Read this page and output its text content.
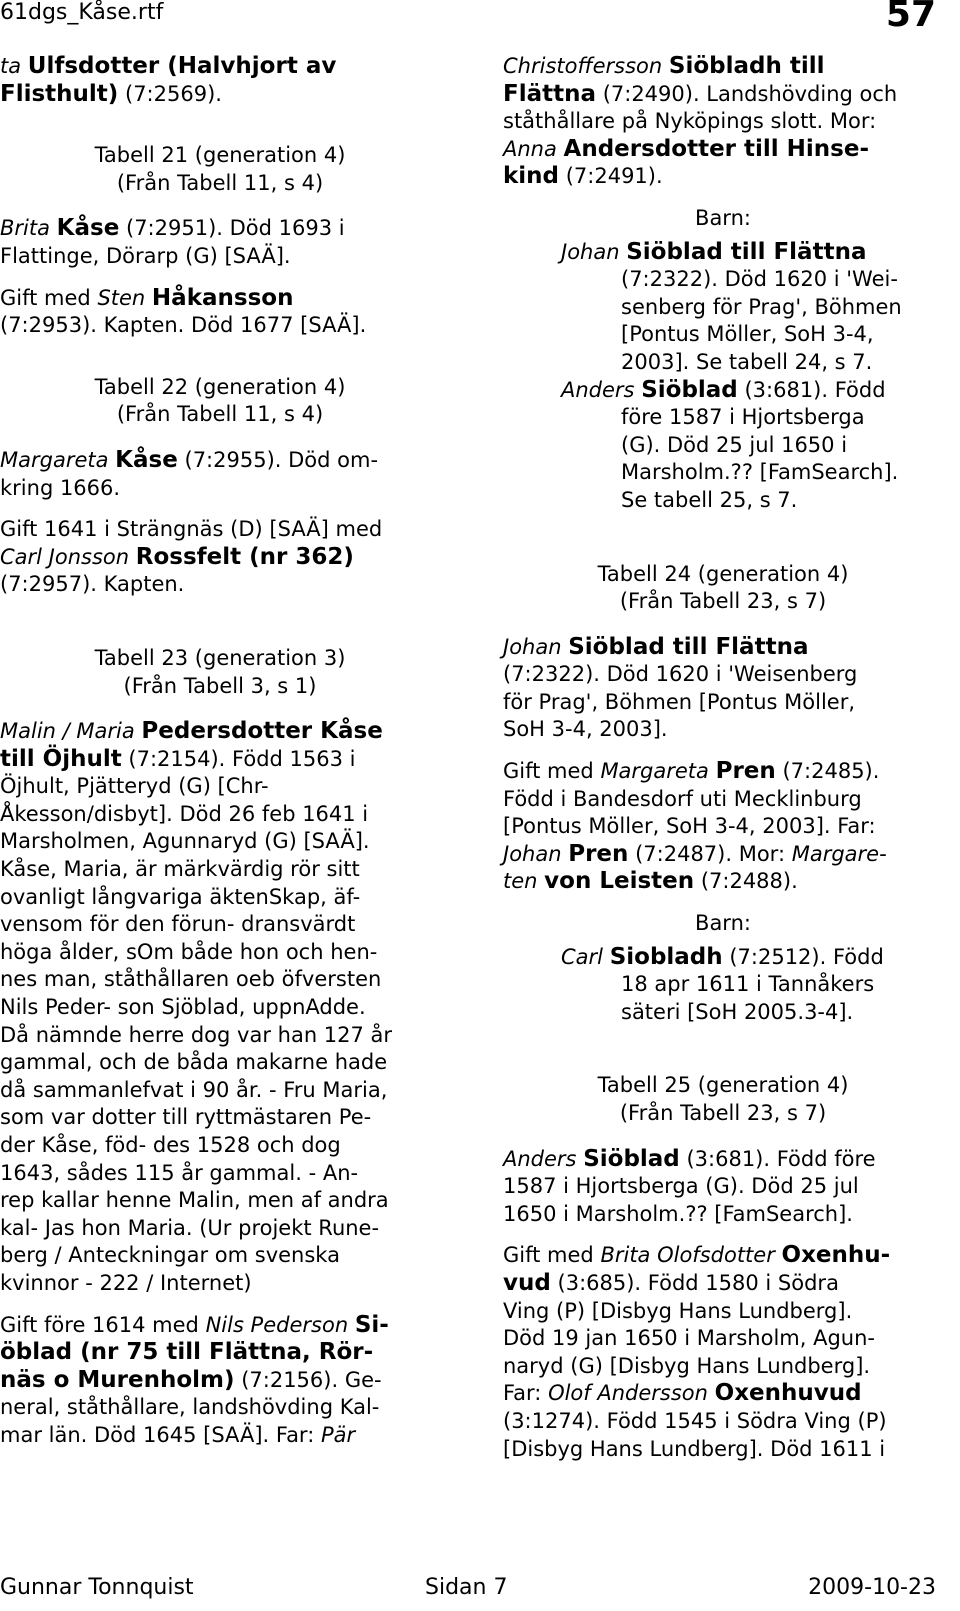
61dgs_Kåse.rtf	57

ta Ulfsdotter (Halvhjort av

Flisthult) (7:2569).

Tabell 21 (generation 4)

(Från Tabell 11, s 4)

Brita Kåse (7:2951). Död 1693 i

Flattinge, Dörarp (G) [SAÄ].

Gift med Sten Håkansson

(7:2953). Kapten. Död 1677 [SAÄ].

Tabell 22 (generation 4)

(Från Tabell 11, s 4)

Margareta Kåse (7:2955). Död om-

kring 1666.

Gift 1641 i Strängnäs (D) [SAÄ] med

Carl Jonsson Rossfelt (nr 362)

(7:2957). Kapten.

Tabell 23 (generation 3)

(Från Tabell 3, s 1)

Malin / Maria Pedersdotter Kåse

till Öjhult (7:2154). Född 1563 i

Öjhult, Pjätteryd (G) [Chr-

Åkesson/disbyt]. Död 26 feb 1641 i

Marsholmen, Agunnaryd (G) [SAÄ].

Kåse, Maria, är märkvärdig rör sitt

ovanligt långvariga äktenSkap, äf-

vensom för den förun- dransvärdt

höga ålder, sOm både hon och hen-

nes man, ståthållaren oeb öfversten

Nils Peder- son Sjöblad, uppnAdde.

Då nämnde herre dog var han 127 år

gammal, och de båda makarne hade

då sammanlefvat i 90 år. - Fru Maria,

som var dotter till ryttmästaren Pe-

der Kåse, föd- des 1528 och dog

1643, sådes 115 år gammal. - An-

rep kallar henne Malin, men af andra

kal- Jas hon Maria. (Ur projekt Rune-

berg / Anteckningar om svenska

kvinnor - 222 / Internet)

Gift före 1614 med Nils Pederson Si-

öblad (nr 75 till Flättna, Rör-

näs o Murenholm) (7:2156). Ge-

neral, ståthållare, landshövding Kal-

mar län. Död 1645 [SAÄ]. Far: Pär

Christoffersson Siöbladh till

Flättna (7:2490). Landshövding och

ståthållare på Nyköpings slott. Mor:

Anna Andersdotter till Hinse-

kind (7:2491).

Barn:

Johan Siöblad till Flättna

(7:2322). Död 1620 i 'Wei-

senberg för Prag', Böhmen

[Pontus Möller, SoH 3-4,

2003]. Se tabell 24, s 7.

Anders Siöblad (3:681). Född

före 1587 i Hjortsberga

(G). Död 25 jul 1650 i

Marsholm.?? [FamSearch].

Se tabell 25, s 7.

Tabell 24 (generation 4)

(Från Tabell 23, s 7)

Johan Siöblad till Flättna

(7:2322). Död 1620 i 'Weisenberg

för Prag', Böhmen [Pontus Möller,

SoH 3-4, 2003].

Gift med Margareta Pren (7:2485).

Född i Bandesdorf uti Mecklinburg

[Pontus Möller, SoH 3-4, 2003]. Far:

Johan Pren (7:2487). Mor: Margare-

ten von Leisten (7:2488).

Barn:

Carl Siobladh (7:2512). Född

18 apr 1611 i Tannåkers

säteri [SoH 2005.3-4].

Tabell 25 (generation 4)

(Från Tabell 23, s 7)

Anders Siöblad (3:681). Född före

1587 i Hjortsberga (G). Död 25 jul

1650 i Marsholm.?? [FamSearch].

Gift med Brita Olofsdotter Oxenhu-

vud (3:685). Född 1580 i Södra

Ving (P) [Disbyg Hans Lundberg].

Död 19 jan 1650 i Marsholm, Agun-

naryd (G) [Disbyg Hans Lundberg].

Far: Olof Andersson Oxenhuvud

(3:1274). Född 1545 i Södra Ving (P)

[Disbyg Hans Lundberg]. Död 1611 i

Gunnar Tonnquist	Sidan 7	2009-10-23
